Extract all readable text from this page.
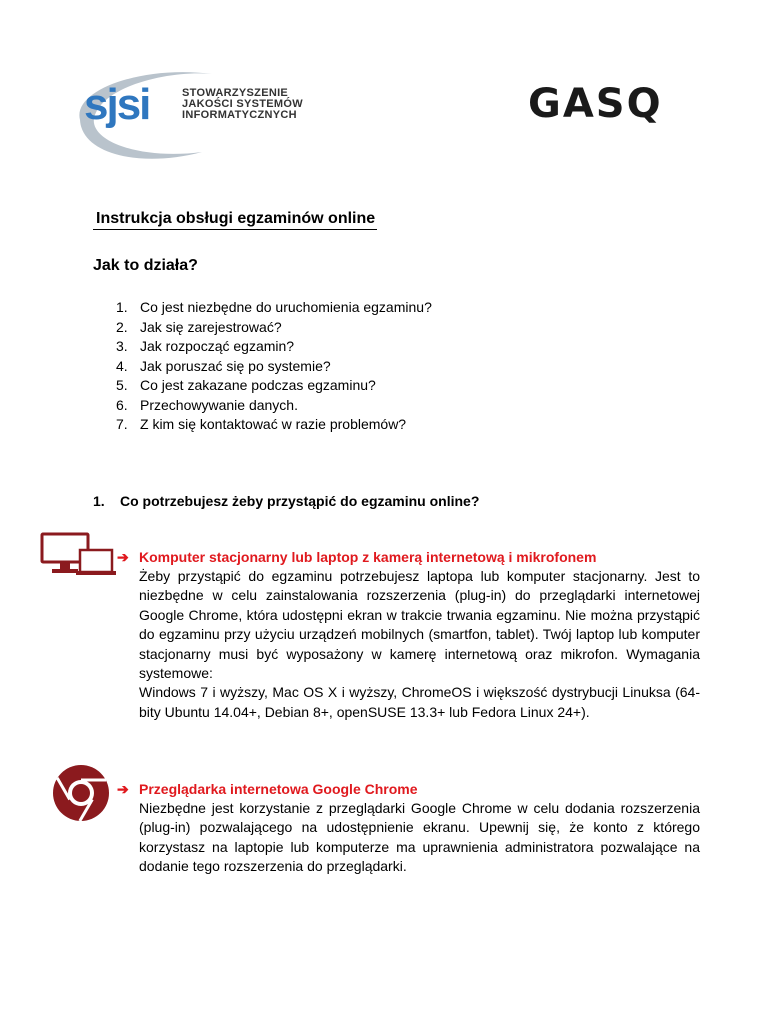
sjsi	STOWARZYSZENIE
JAKOŚCI SYSTEMÓW
INFORMATYCZNYCH	GASQ
Instrukcja obsługi egzaminów online
Jak to działa?
1. Co jest niezbędne do uruchomienia egzaminu?
2. Jak się zarejestrować?
3. Jak rozpocząć egzamin?
4. Jak poruszać się po systemie?
5. Co jest zakazane podczas egzaminu?
6. Przechowywanie danych.
7. Z kim się kontaktować w razie problemów?
1. Co potrzebujesz żeby przystąpić do egzaminu online?
➔ Komputer stacjonarny lub laptop z kamerą internetową i mikrofonem
Żeby przystąpić do egzaminu potrzebujesz laptopa lub komputer stacjonarny. Jest to niezbędne w celu zainstalowania rozszerzenia (plug-in) do przeglądarki internetowej Google Chrome, która udostępni ekran w trakcie trwania egzaminu. Nie można przystąpić do egzaminu przy użyciu urządzeń mobilnych (smartfon, tablet). Twój laptop lub komputer stacjonarny musi być wyposażony w kamerę internetową oraz mikrofon. Wymagania systemowe:
Windows 7 i wyższy, Mac OS X i wyższy, ChromeOS i większość dystrybucji Linuksa (64-bity Ubuntu 14.04+, Debian 8+, openSUSE 13.3+ lub Fedora Linux 24+).
➔ Przeglądarka internetowa Google Chrome
Niezbędne jest korzystanie z przeglądarki Google Chrome w celu dodania rozszerzenia (plug-in) pozwalającego na udostępnienie ekranu. Upewnij się, że konto z którego korzystasz na laptopie lub komputerze ma uprawnienia administratora pozwalające na dodanie tego rozszerzenia do przeglądarki.
